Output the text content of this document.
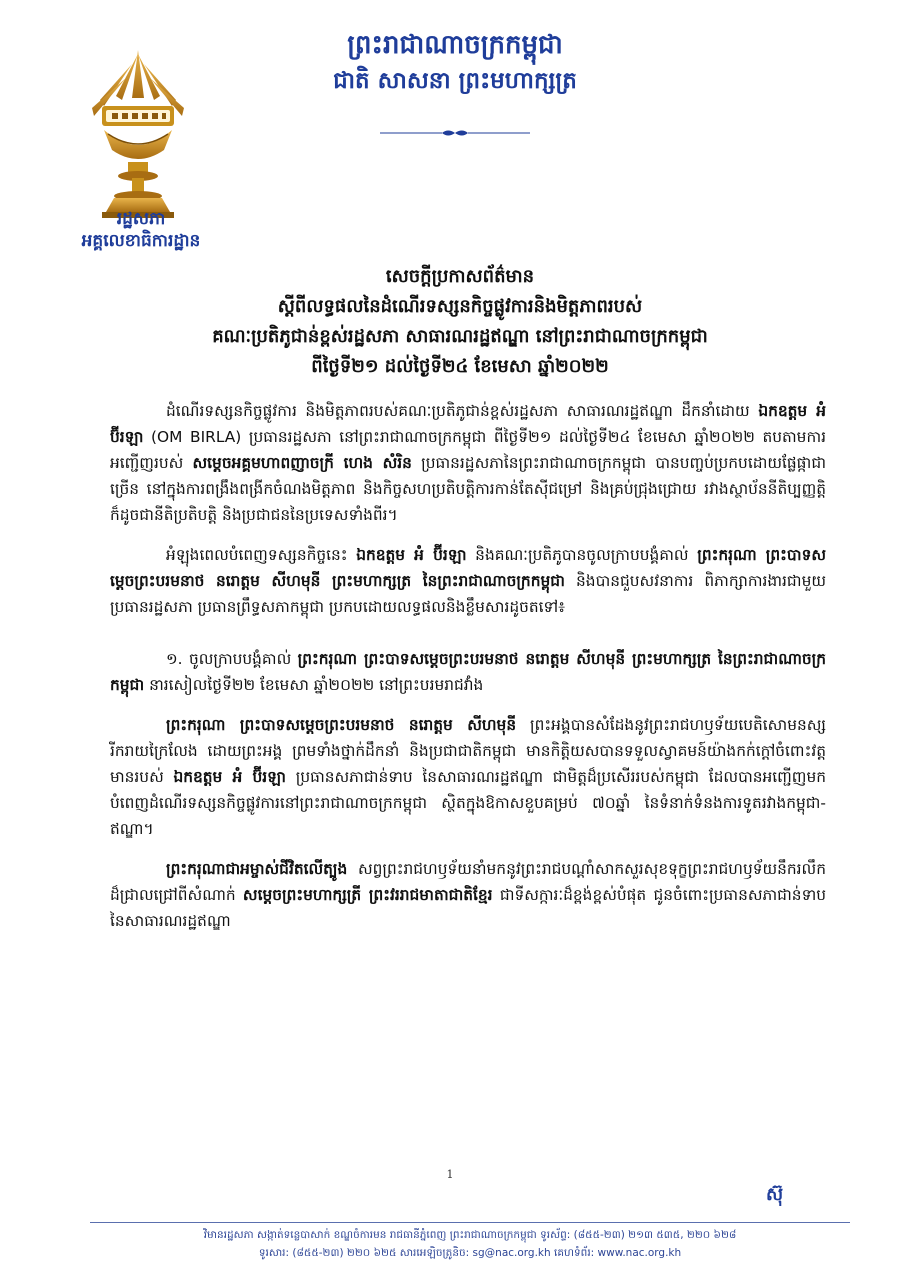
រដ្ឋសភា
អគ្គលេខាធិការដ្ឋាន
ព្រះរាជាណាចក្រកម្ពុជា
ជាតិ សាសនា ព្រះមហាក្សត្រ
សេចក្តីប្រកាសព័ត៌មាន
ស្តីពីលទ្ធផលនៃដំណើរទស្សនកិច្ចផ្លូវការនិងមិត្តភាពរបស់
គណៈប្រតិភូជាន់ខ្ពស់រដ្ឋសភា សាធារណរដ្ឋឥណ្ឌា នៅព្រះរាជាណាចក្រកម្ពុជា
ពីថ្ងៃទី២១ ដល់ថ្ងៃទី២៤ ខែមេសា ឆ្នាំ២០២២

ដំណើរទស្សនកិច្ចផ្លូវការ និងមិត្តភាពរបស់គណៈប្រតិភូជាន់ខ្ពស់រដ្ឋសភា សាធារណរដ្ឋឥណ្ឌា ដឹកនាំដោយ ឯកឧត្តម អំ ប៊ីរឡា (OM BIRLA) ប្រធានរដ្ឋសភា នៅព្រះរាជាណាចក្រកម្ពុជា ពីថ្ងៃទី២១ ដល់ថ្ងៃទី២៤ ខែមេសា ឆ្នាំ២០២២ តបតាមការអញ្ជើញរបស់ សម្តេចអគ្គមហាពញាចក្រី ហេង សំរិន ប្រធានរដ្ឋសភានៃព្រះរាជាណាចក្រកម្ពុជា បានបញ្ចប់ប្រកបដោយផ្លែផ្កាជាច្រើន នៅក្នុងការពង្រឹងពង្រីកចំណងមិត្តភាព និងកិច្ចសហប្រតិបត្តិការកាន់តែស៊ីជម្រៅ និងគ្រប់ជ្រុងជ្រោយ រវាងស្ថាប័ននីតិប្បញ្ញត្តិ ក៏ដូចជានីតិប្រតិបត្តិ និងប្រជាជននៃប្រទេសទាំងពីរ។

អំឡុងពេលបំពេញទស្សនកិច្ចនេះ ឯកឧត្តម អំ ប៊ីរឡា និងគណៈប្រតិភូបានចូលក្រាបបង្គំគាល់ ព្រះករុណា ព្រះបាទសម្តេចព្រះបរមនាថ នរោត្តម សីហមុនី ព្រះមហាក្សត្រ នៃព្រះរាជាណាចក្រកម្ពុជា និងបានជួបសវនាការ ពិភាក្សាការងារជាមួយ ប្រធានរដ្ឋសភា ប្រធានព្រឹទ្ធសភាកម្ពុជា ប្រកបដោយលទ្ធផលនិងខ្លឹមសារដូចតទៅ៖

១. ចូលក្រាបបង្គំគាល់ ព្រះករុណា ព្រះបាទសម្តេចព្រះបរមនាថ នរោត្តម សីហមុនី ព្រះមហាក្សត្រ នៃព្រះរាជាណាចក្រកម្ពុជា នារសៀលថ្ងៃទី២២ ខែមេសា ឆ្នាំ២០២២ នៅព្រះបរមរាជវាំង

ព្រះករុណា ព្រះបាទសម្តេចព្រះបរមនាថ នរោត្តម សីហមុនី ព្រះអង្គបានសំដែងនូវព្រះរាជហឫទ័យបេតិសោមនស្សរីករាយក្រៃលែង ដោយព្រះអង្គ ព្រមទាំងថ្នាក់ដឹកនាំ និងប្រជាជាតិកម្ពុជា មានកិត្តិយសបានទទួលស្វាគមន៍យ៉ាងកក់ក្តៅចំពោះវត្តមានរបស់ ឯកឧត្តម អំ ប៊ីរឡា ប្រធានសភាជាន់ទាប នៃសាធារណរដ្ឋឥណ្ឌា ជាមិត្តដ៏ប្រសើររបស់កម្ពុជា ដែលបានអញ្ជើញមកបំពេញដំណើរទស្សនកិច្ចផ្លូវការនៅព្រះរាជាណាចក្រកម្ពុជា ស្ថិតក្នុងឱកាសខួបគម្រប់ ៧០ឆ្នាំ នៃទំនាក់ទំនងការទូតរវាងកម្ពុជា-ឥណ្ឌា។

ព្រះករុណាជាអម្ចាស់ជីវិតលើត្បូង សព្វព្រះរាជហឫទ័យនាំមកនូវព្រះរាជបណ្តាំសាកសួរសុខទុក្ខព្រះរាជហឫទ័យនឹករលឹកដ៏ជ្រាលជ្រៅពីសំណាក់ សម្តេចព្រះមហាក្សត្រី ព្រះវររាជមាតាជាតិខ្មែរ ជាទីសក្ការៈដ៏ខ្ពង់ខ្ពស់បំផុត ជូនចំពោះប្រធានសភាជាន់ទាបនៃសាធារណរដ្ឋឥណ្ឌា

1
ស៊ុ
វិមានរដ្ឋសភា សង្កាត់ទន្លេបាសាក់ ខណ្ឌចំការមន រាជធានីភ្នំពេញ ព្រះរាជាណាចក្រកម្ពុជា ទូរស័ព្ទ: (៨៥៥-២៣) ២១៣ ៥៣៥, ២២០ ៦២៨
ទូរសារ: (៨៥៥-២៣) ២២០ ៦២៥ សារអេឡិចត្រូនិច: sg@nac.org.kh គេហទំព័រ: www.nac.org.kh
